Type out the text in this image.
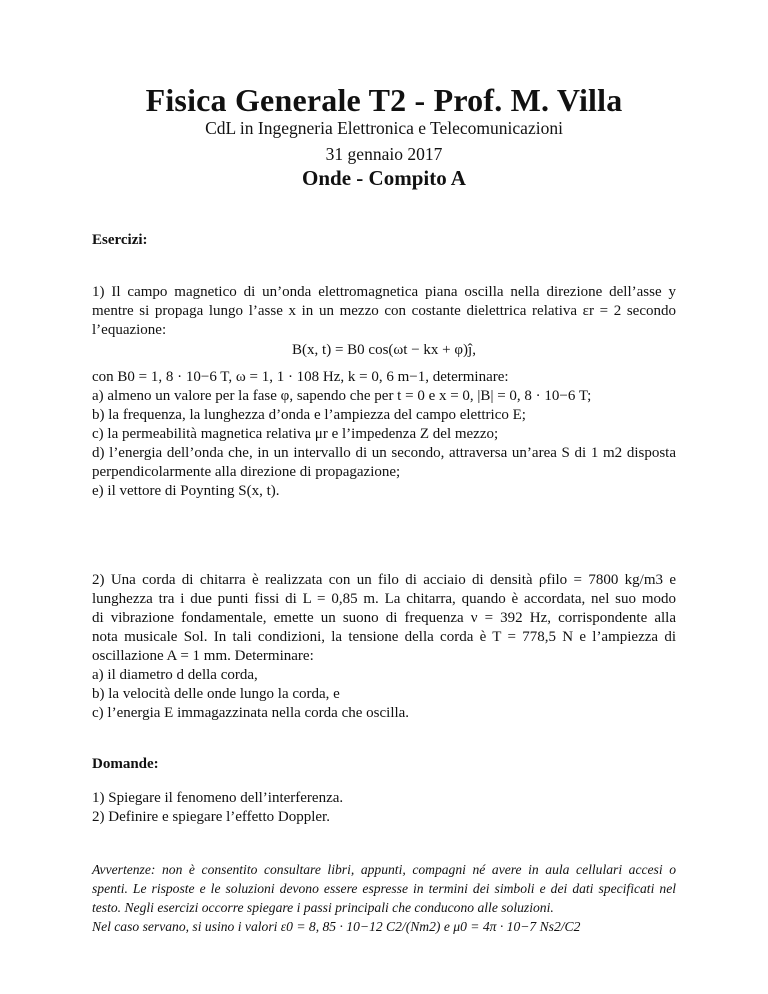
Fisica Generale T2 - Prof. M. Villa
CdL in Ingegneria Elettronica e Telecomunicazioni
31 gennaio 2017
Onde - Compito A
Esercizi:
1) Il campo magnetico di un’onda elettromagnetica piana oscilla nella direzione dell’asse y
mentre si propaga lungo l’asse x in un mezzo con costante dielettrica relativa εr = 2 secondo
l’equazione:
B(x, t) = B0 cos(ωt − kx + φ)ĵ,
con B0 = 1, 8 · 10−6 T, ω = 1, 1 · 108 Hz, k = 0, 6 m−1, determinare:
a) almeno un valore per la fase φ, sapendo che per t = 0 e x = 0, |B| = 0, 8 · 10−6 T;
b) la frequenza, la lunghezza d’onda e l’ampiezza del campo elettrico E;
c) la permeabilità magnetica relativa μr e l’impedenza Z del mezzo;
d) l’energia dell’onda che, in un intervallo di un secondo, attraversa un’area S di 1 m2 disposta
perpendicolarmente alla direzione di propagazione;
e) il vettore di Poynting S(x, t).
2) Una corda di chitarra è realizzata con un filo di acciaio di densità ρfilo = 7800 kg/m3 e
lunghezza tra i due punti fissi di L = 0,85 m. La chitarra, quando è accordata, nel suo modo
di vibrazione fondamentale, emette un suono di frequenza ν = 392 Hz, corrispondente alla
nota musicale Sol. In tali condizioni, la tensione della corda è T = 778,5 N e l’ampiezza di
oscillazione A = 1 mm. Determinare:
a) il diametro d della corda,
b) la velocità delle onde lungo la corda, e
c) l’energia E immagazzinata nella corda che oscilla.
Domande:
1) Spiegare il fenomeno dell’interferenza.
2) Definire e spiegare l’effetto Doppler.
Avvertenze: non è consentito consultare libri, appunti, compagni né avere in aula cellulari accesi o
spenti. Le risposte e le soluzioni devono essere espresse in termini dei simboli e dei dati specificati nel
testo. Negli esercizi occorre spiegare i passi principali che conducono alle soluzioni.
Nel caso servano, si usino i valori ε0 = 8, 85 · 10−12 C2/(Nm2) e μ0 = 4π · 10−7 Ns2/C2
